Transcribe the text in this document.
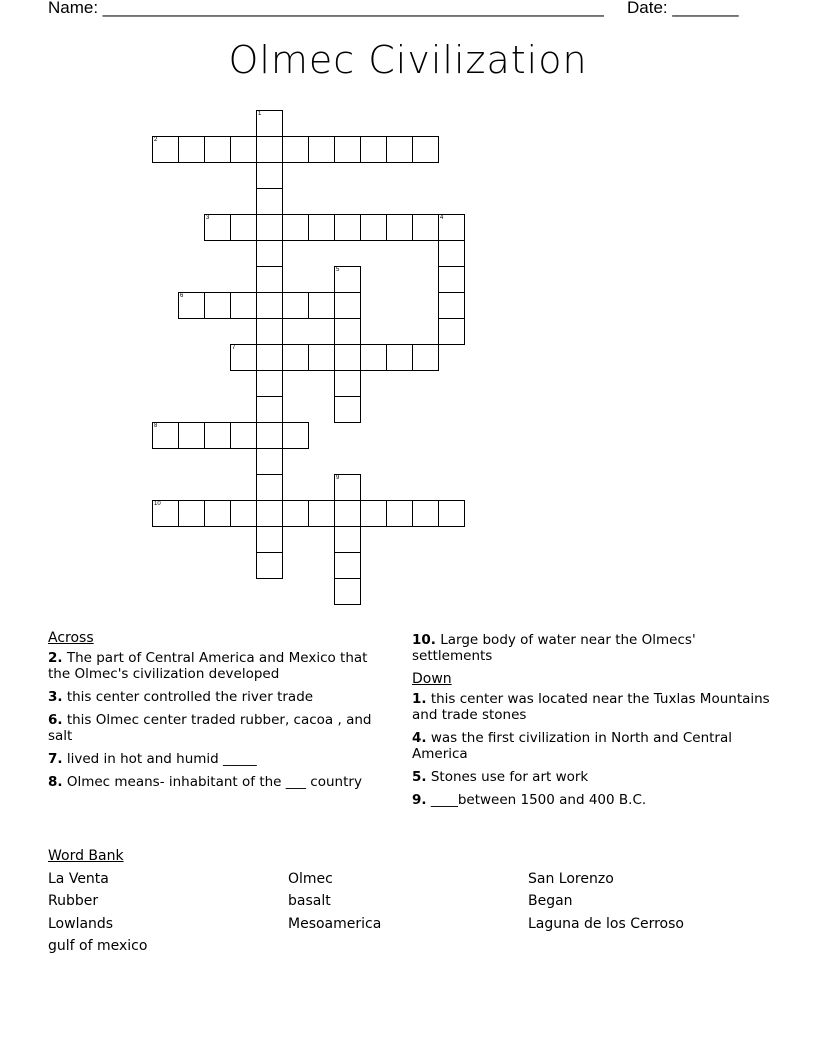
Name: _____________________________________________________ Date: _______
Olmec Civilization
1
2
3	4
5
6
7
8
9
10
Across
2. The part of Central America and Mexico that the Olmec's civilization developed
3. this center controlled the river trade
6. this Olmec center traded rubber, cacoa , and salt
7. lived in hot and humid _____
8. Olmec means- inhabitant of the ___ country
10. Large body of water near the Olmecs' settlements
Down
1. this center was located near the Tuxlas Mountains and trade stones
4. was the first civilization in North and Central America
5. Stones use for art work
9. ____between 1500 and 400 B.C.
Word Bank
La Venta	Olmec	San Lorenzo
Rubber	basalt	Began
Lowlands	Mesoamerica	Laguna de los Cerroso
gulf of mexico
